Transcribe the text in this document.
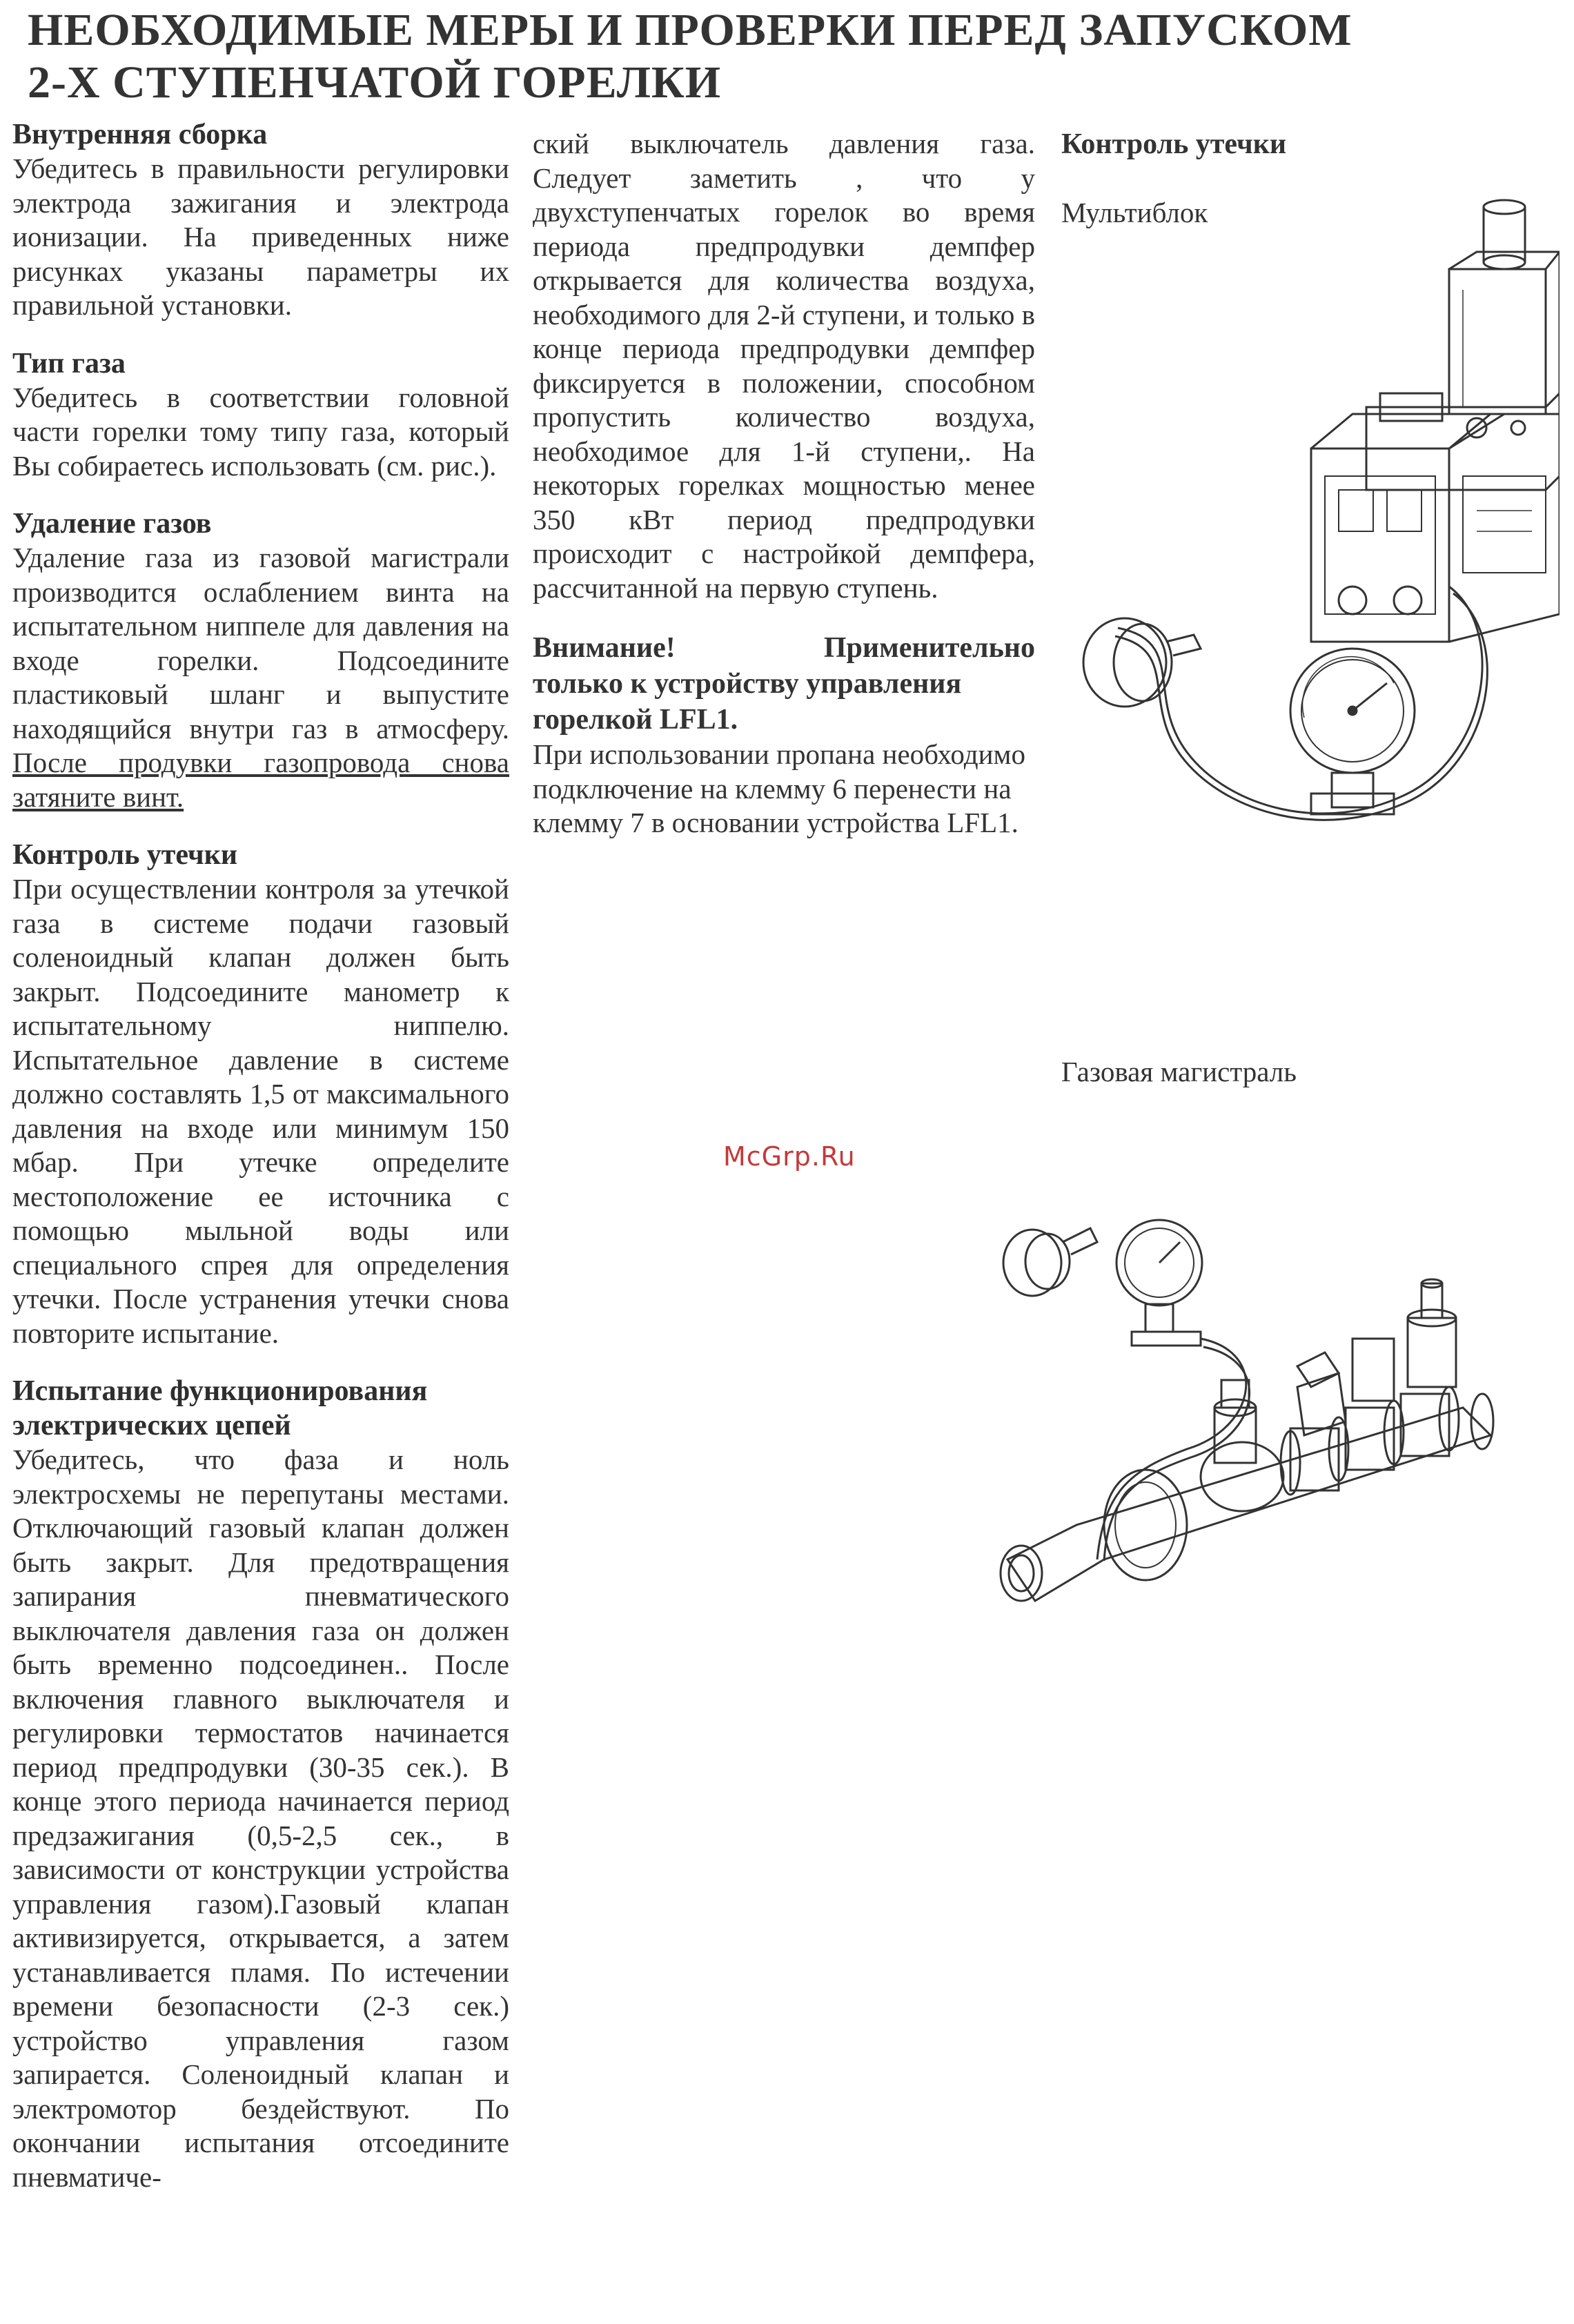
НЕОБХОДИМЫЕ МЕРЫ И ПРОВЕРКИ ПЕРЕД ЗАПУСКОМ
2-Х СТУПЕНЧАТОЙ ГОРЕЛКИ
Внутренняя сборка

Убедитесь в правильности регулировки электрода зажигания и электрода ионизации. На приведенных ниже рисунках указаны параметры их правильной установки.

Тип газа

Убедитесь в соответствии головной части горелки тому типу газа, который Вы собираетесь использовать (см. рис.).

Удаление газов

Удаление газа из газовой магистрали производится ослаблением винта на испытательном ниппеле для давления на входе горелки. Подсоедините пластиковый шланг и выпустите находящийся внутри газ в атмосферу. После продувки газопровода снова затяните винт.

Контроль утечки

При осуществлении контроля за утечкой газа в системе подачи газовый соленоидный клапан должен быть закрыт. Подсоедините манометр к испытательному ниппелю. Испытательное давление в системе должно составлять 1,5 от максимального давления на входе или минимум 150 мбар. При утечке определите местоположение ее источника с помощью мыльной воды или специального спрея для определения утечки. После устранения утечки снова повторите испытание.

Испытание функционирования электрических цепей

Убедитесь, что фаза и ноль электросхемы не перепутаны местами. Отключающий газовый клапан должен быть закрыт. Для предотвращения запирания пневматического выключателя давления газа он должен быть временно подсоединен.. После включения главного выключателя и регулировки термостатов начинается период предпродувки (30-35 сек.). В конце этого периода начинается период предзажигания (0,5-2,5 сек., в зависимости от конструкции устройства управления газом).Газовый клапан активизируется, открывается, а затем устанавливается пламя. По истечении времени безопасности (2-3 сек.) устройство управления газом запирается. Соленоидный клапан и электромотор бездействуют. По окончании испытания отсоедините пневматиче-

ский выключатель давления газа. Следует заметить , что у двухступенчатых горелок во время периода предпродувки демпфер открывается для количества воздуха, необходимого для 2-й ступени, и только в конце периода предпродувки демпфер фиксируется в положении, способном пропустить количество воздуха, необходимое для 1-й ступени,. На некоторых горелках мощностью менее 350 кВт период предпродувки происходит с настройкой демпфера, рассчитанной на первую ступень.

Внимание!	Применительно только к устройству управления горелкой LFL1.

При использовании пропана необходимо подключение на клемму 6 перенести на клемму 7 в основании устройства LFL1.

Контроль утечки
Мультиблок
Газовая магистраль
McGrp.Ru
